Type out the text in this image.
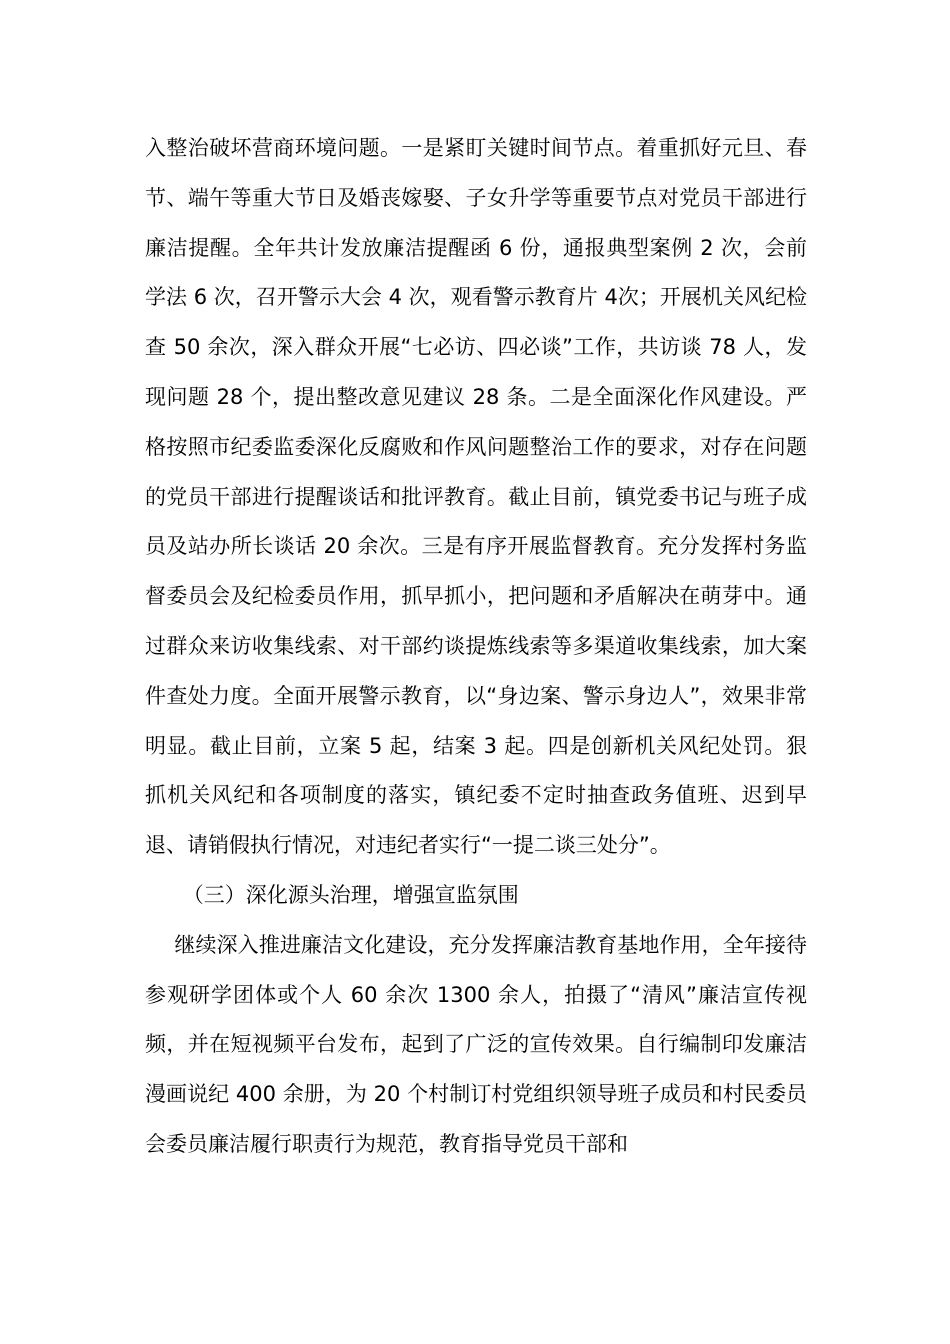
入整治破坏营商环境问题。一是紧盯关键时间节点。着重抓好元旦、春节、端午等重大节日及婚丧嫁娶、子女升学等重要节点对党员干部进行廉洁提醒。全年共计发放廉洁提醒函 6 份，通报典型案例 2 次，会前学法 6 次，召开警示大会 4 次，观看警示教育片 4次；开展机关风纪检查 50 余次，深入群众开展“七必访、四必谈”工作，共访谈 78 人，发现问题 28 个，提出整改意见建议 28 条。二是全面深化作风建设。严格按照市纪委监委深化反腐败和作风问题整治工作的要求，对存在问题的党员干部进行提醒谈话和批评教育。截止目前，镇党委书记与班子成员及站办所长谈话 20 余次。三是有序开展监督教育。充分发挥村务监督委员会及纪检委员作用，抓早抓小，把问题和矛盾解决在萌芽中。通过群众来访收集线索、对干部约谈提炼线索等多渠道收集线索，加大案件查处力度。全面开展警示教育，以“身边案、警示身边人”，效果非常明显。截止目前，立案 5 起，结案 3 起。四是创新机关风纪处罚。狠抓机关风纪和各项制度的落实，镇纪委不定时抽查政务值班、迟到早退、请销假执行情况，对违纪者实行“一提二谈三处分”。

（三）深化源头治理，增强宣监氛围

继续深入推进廉洁文化建设，充分发挥廉洁教育基地作用，全年接待参观研学团体或个人 60 余次 1300 余人，拍摄了“清风”廉洁宣传视频，并在短视频平台发布，起到了广泛的宣传效果。自行编制印发廉洁漫画说纪 400 余册，为 20 个村制订村党组织领导班子成员和村民委员会委员廉洁履行职责行为规范，教育指导党员干部和
